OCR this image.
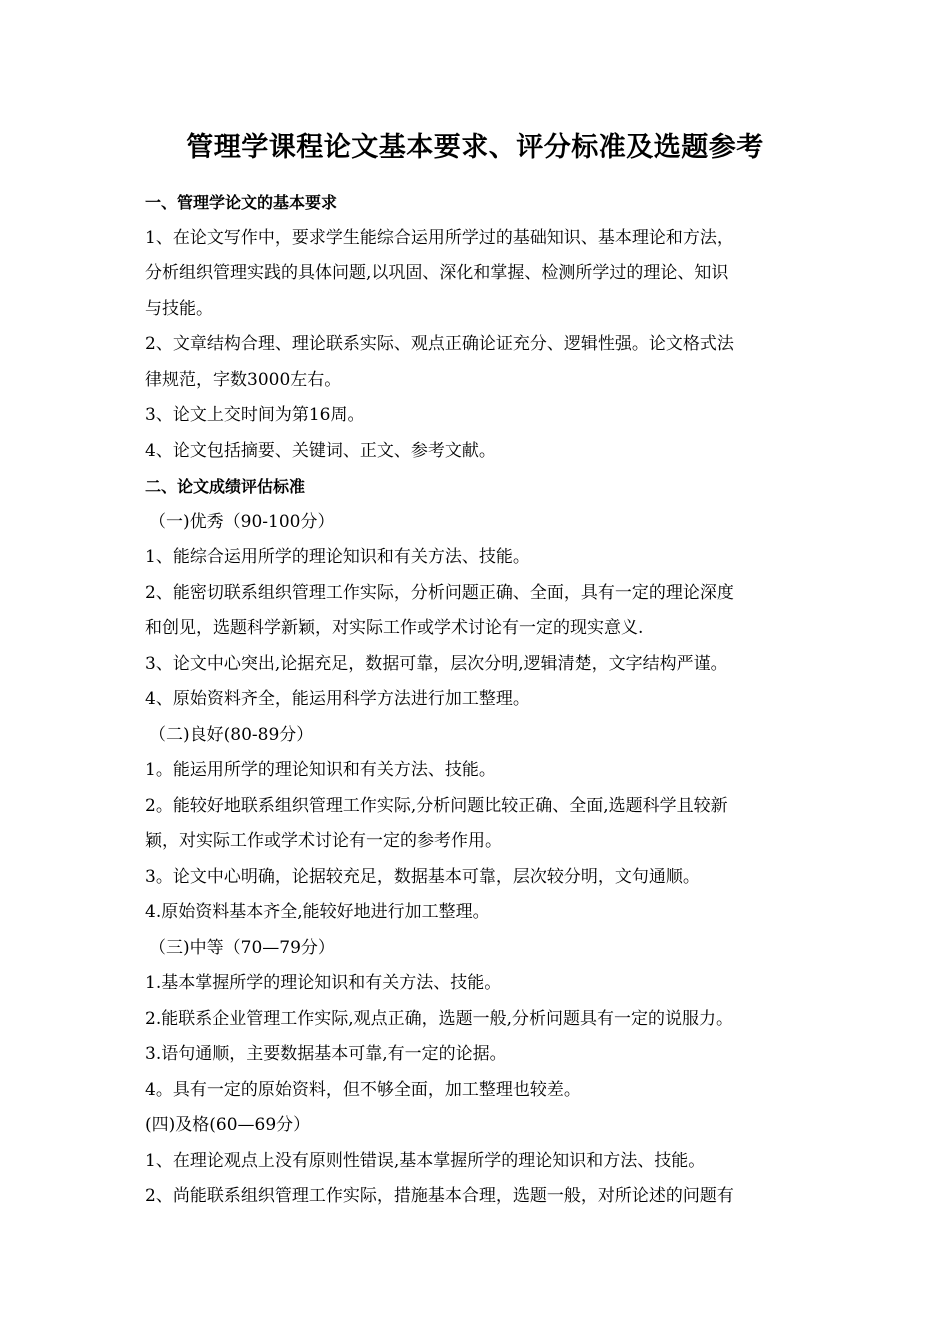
管理学课程论文基本要求、评分标准及选题参考
一、管理学论文的基本要求
1、在论文写作中，要求学生能综合运用所学过的基础知识、基本理论和方法，
分析组织管理实践的具体问题,以巩固、深化和掌握、检测所学过的理论、知识
与技能。
2、文章结构合理、理论联系实际、观点正确论证充分、逻辑性强。论文格式法
律规范，字数3000左右。
3、论文上交时间为第16周。
4、论文包括摘要、关键词、正文、参考文献。
二、论文成绩评估标准
（一)优秀（90-100分）
1、能综合运用所学的理论知识和有关方法、技能。
2、能密切联系组织管理工作实际，分析问题正确、全面，具有一定的理论深度
和创见，选题科学新颖，对实际工作或学术讨论有一定的现实意义.
3、论文中心突出,论据充足，数据可靠，层次分明,逻辑清楚，文字结构严谨。
4、原始资料齐全，能运用科学方法进行加工整理。
（二)良好(80-89分）
1。能运用所学的理论知识和有关方法、技能。
2。能较好地联系组织管理工作实际,分析问题比较正确、全面,选题科学且较新
颖，对实际工作或学术讨论有一定的参考作用。
3。论文中心明确，论据较充足，数据基本可靠，层次较分明，文句通顺。
4.原始资料基本齐全,能较好地进行加工整理。
（三)中等（70—79分）
1.基本掌握所学的理论知识和有关方法、技能。
2.能联系企业管理工作实际,观点正确，选题一般,分析问题具有一定的说服力。
3.语句通顺，主要数据基本可靠,有一定的论据。
4。具有一定的原始资料，但不够全面，加工整理也较差。
(四)及格(60—69分）
1、在理论观点上没有原则性错误,基本掌握所学的理论知识和方法、技能。
2、尚能联系组织管理工作实际，措施基本合理，选题一般，对所论述的问题有
